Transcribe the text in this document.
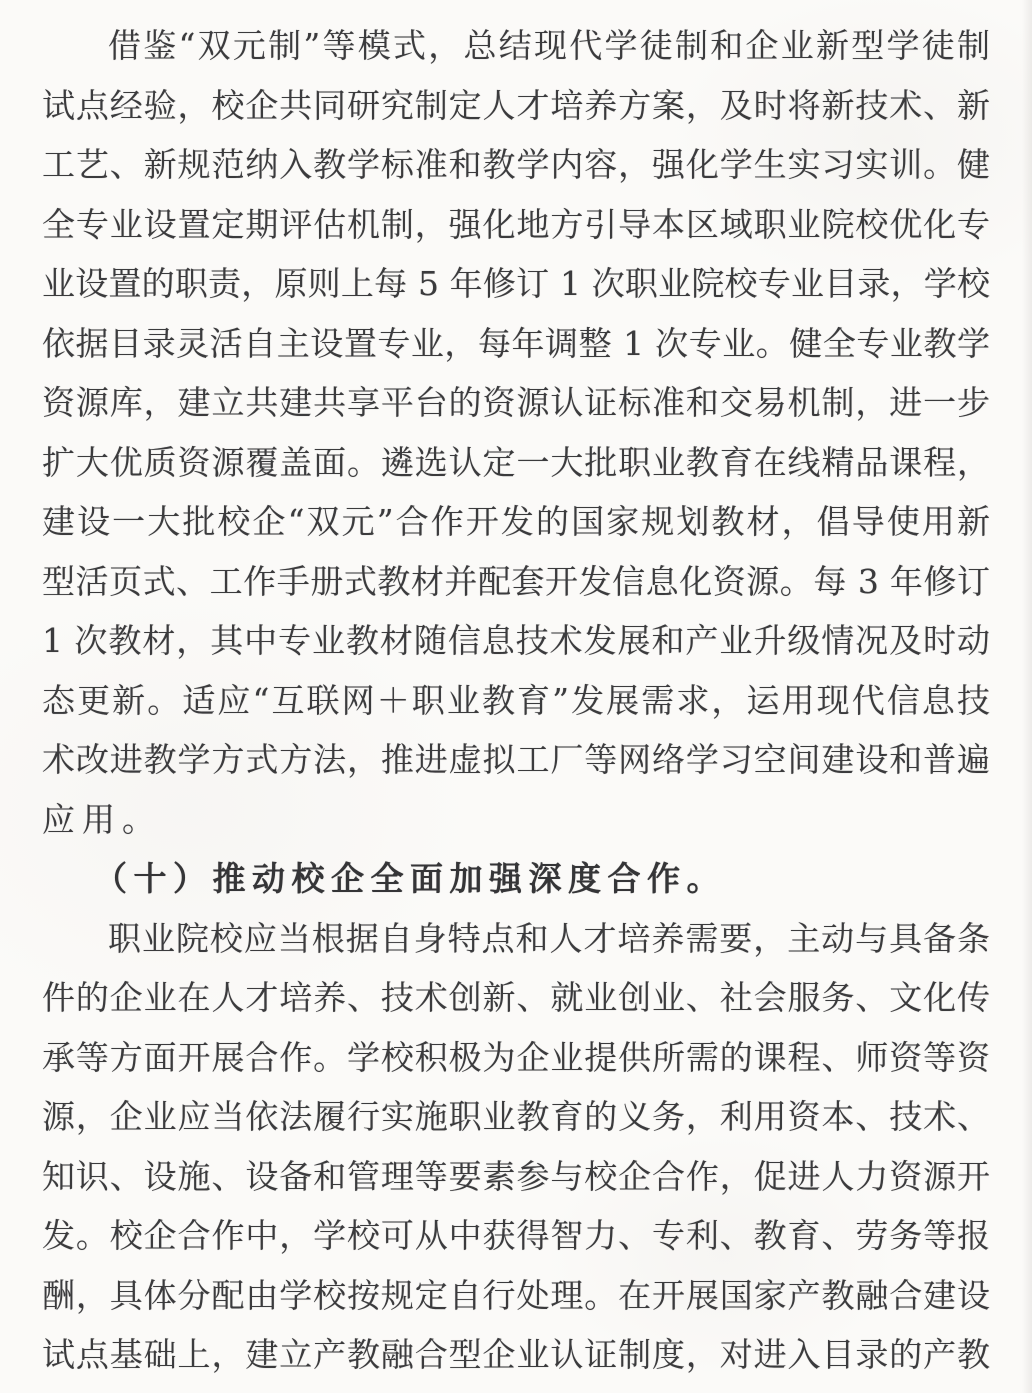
借鉴“双元制”等模式，总结现代学徒制和企业新型学徒制
试点经验，校企共同研究制定人才培养方案，及时将新技术、新
工艺、新规范纳入教学标准和教学内容，强化学生实习实训。健
全专业设置定期评估机制，强化地方引导本区域职业院校优化专
业设置的职责，原则上每 5 年修订 1 次职业院校专业目录，学校
依据目录灵活自主设置专业，每年调整 1 次专业。健全专业教学
资源库，建立共建共享平台的资源认证标准和交易机制，进一步
扩大优质资源覆盖面。遴选认定一大批职业教育在线精品课程，
建设一大批校企“双元”合作开发的国家规划教材，倡导使用新
型活页式、工作手册式教材并配套开发信息化资源。每 3 年修订
1 次教材，其中专业教材随信息技术发展和产业升级情况及时动
态更新。适应“互联网＋职业教育”发展需求，运用现代信息技
术改进教学方式方法，推进虚拟工厂等网络学习空间建设和普遍
应用。
（十）推动校企全面加强深度合作。
职业院校应当根据自身特点和人才培养需要，主动与具备条
件的企业在人才培养、技术创新、就业创业、社会服务、文化传
承等方面开展合作。学校积极为企业提供所需的课程、师资等资
源，企业应当依法履行实施职业教育的义务，利用资本、技术、
知识、设施、设备和管理等要素参与校企合作，促进人力资源开
发。校企合作中，学校可从中获得智力、专利、教育、劳务等报
酬，具体分配由学校按规定自行处理。在开展国家产教融合建设
试点基础上，建立产教融合型企业认证制度，对进入目录的产教
